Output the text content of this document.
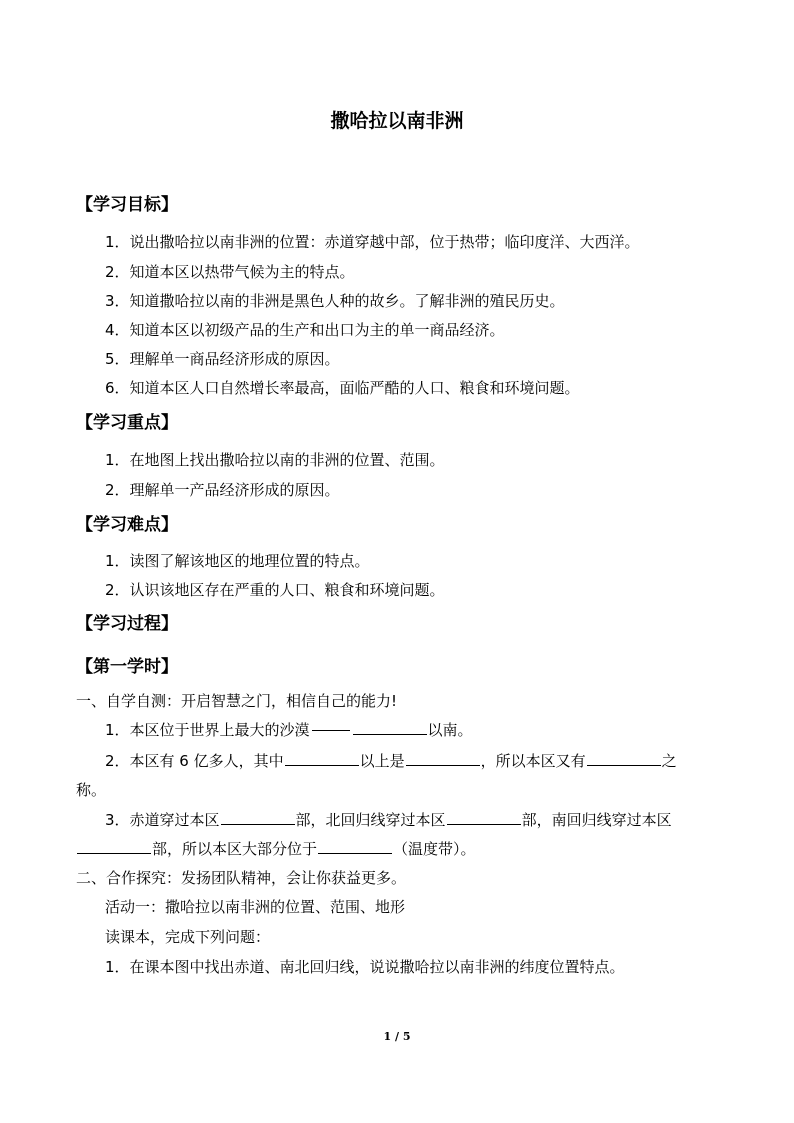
撒哈拉以南非洲
【学习目标】
1．说出撒哈拉以南非洲的位置：赤道穿越中部，位于热带；临印度洋、大西洋。
2．知道本区以热带气候为主的特点。
3．知道撒哈拉以南的非洲是黑色人种的故乡。了解非洲的殖民历史。
4．知道本区以初级产品的生产和出口为主的单一商品经济。
5．理解单一商品经济形成的原因。
6．知道本区人口自然增长率最高，面临严酷的人口、粮食和环境问题。
【学习重点】
1．在地图上找出撒哈拉以南的非洲的位置、范围。
2．理解单一产品经济形成的原因。
【学习难点】
1．读图了解该地区的地理位置的特点。
2．认识该地区存在严重的人口、粮食和环境问题。
【学习过程】
【第一学时】
一、自学自测：开启智慧之门，相信自己的能力!
1．本区位于世界上最大的沙漠	以南。
2．本区有 6 亿多人，其中	以上是	，所以本区又有	之
称。
3．赤道穿过本区	部，北回归线穿过本区	部，南回归线穿过本区
部，所以本区大部分位于	（温度带）。
二、合作探究：发扬团队精神，会让你获益更多。
活动一：撒哈拉以南非洲的位置、范围、地形
读课本，完成下列问题：
1．在课本图中找出赤道、南北回归线，说说撒哈拉以南非洲的纬度位置特点。
1 / 5
